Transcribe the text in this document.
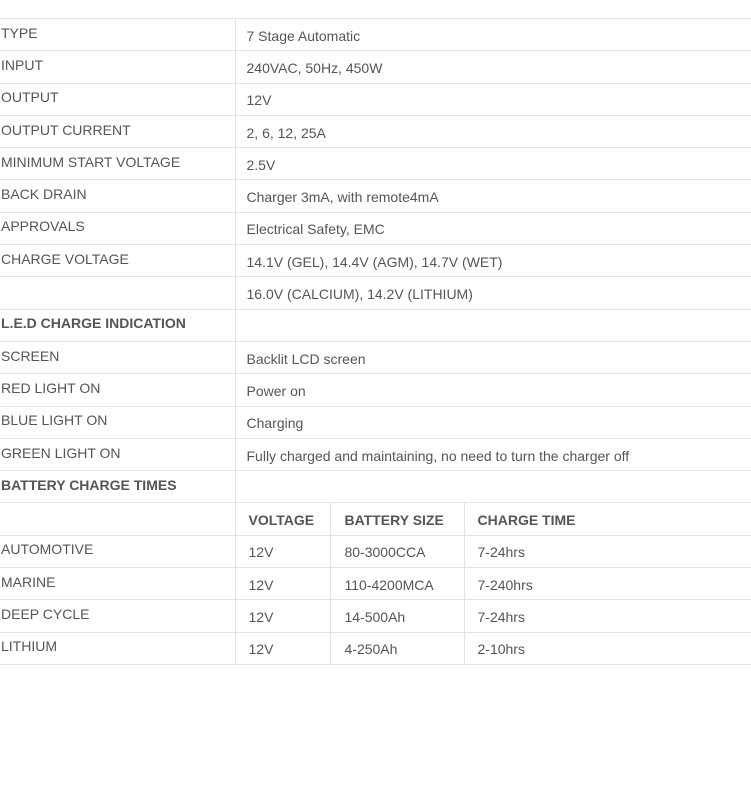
TYPE	7 Stage Automatic		
INPUT	240VAC, 50Hz, 450W		
OUTPUT	12V		
OUTPUT CURRENT	2, 6, 12, 25A		
MINIMUM START VOLTAGE	2.5V		
BACK DRAIN	Charger 3mA, with remote4mA		
APPROVALS	Electrical Safety, EMC		
CHARGE VOLTAGE	14.1V (GEL), 14.4V (AGM), 14.7V (WET)		
	16.0V (CALCIUM), 14.2V (LITHIUM)		
L.E.D CHARGE INDICATION			
SCREEN	Backlit LCD screen		
RED LIGHT ON	Power on		
BLUE LIGHT ON	Charging		
GREEN LIGHT ON	Fully charged and maintaining, no need to turn the charger off		
BATTERY CHARGE TIMES			
	VOLTAGE	BATTERY SIZE	CHARGE TIME
AUTOMOTIVE	12V	80-3000CCA	7-24hrs
MARINE	12V	110-4200MCA	7-240hrs
DEEP CYCLE	12V	14-500Ah	7-24hrs
LITHIUM	12V	4-250Ah	2-10hrs
